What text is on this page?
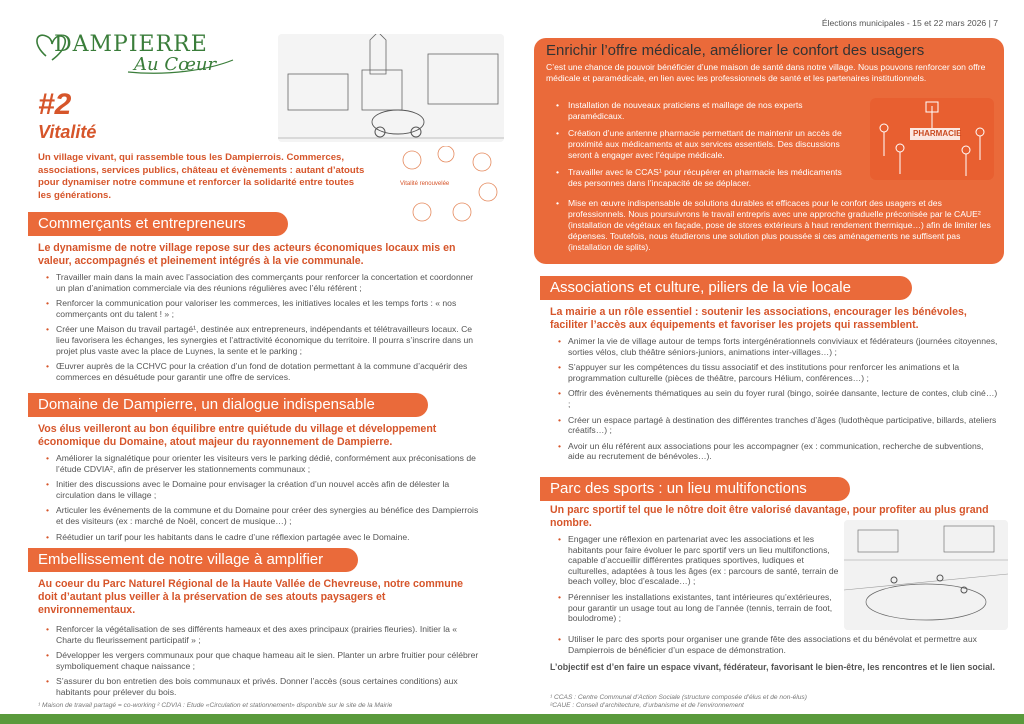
DAMPIERRE
Au Cœur
#2
Vitalité
Un village vivant, qui rassemble tous les Dampierrois. Commerces, associations, services publics, château et évènements : autant d’atouts pour dynamiser notre commune et renforcer la solidarité entre toutes les générations.
Vitalité renouvelée
Commerçants et entrepreneurs
Le dynamisme de notre village repose sur des acteurs économiques locaux mis en valeur, accompagnés et pleinement intégrés à la vie communale.
• Travailler main dans la main avec l’association des commerçants pour renforcer la concertation et coordonner un plan d’animation commerciale via des réunions régulières avec l’élu référent ;
• Renforcer la communication pour valoriser les commerces, les initiatives locales et les temps forts : « nos commerçants ont du talent ! » ;
• Créer une Maison du travail partagé¹, destinée aux entrepreneurs, indépendants et télétravailleurs locaux. Ce lieu favorisera les échanges, les synergies et l’attractivité économique du territoire. Il pourra s’inscrire dans un projet plus vaste avec la place de Luynes, la sente et le parking ;
• Œuvrer auprès de la CCHVC pour la création d’un fond de dotation permettant à la commune d’acquérir des commerces en désuétude pour garantir une offre de services.
Domaine de Dampierre, un dialogue indispensable
Vos élus veilleront au bon équilibre entre quiétude du village et développement économique du Domaine, atout majeur du rayonnement de Dampierre.
• Améliorer la signalétique pour orienter les visiteurs vers le parking dédié, conformément aux préconisations de l’étude CDVIA², afin de préserver les stationnements communaux ;
• Initier des discussions avec le Domaine pour envisager la création d’un nouvel accès afin de délester la circulation dans le village ;
• Articuler les événements de la commune et du Domaine pour créer des synergies au bénéfice des Dampierrois et des visiteurs (ex : marché de Noël, concert de musique…) ;
• Réétudier un tarif pour les habitants dans le cadre d’une réflexion partagée avec le Domaine.
Embellissement de notre village à amplifier
Au coeur du Parc Naturel Régional de la Haute Vallée de Chevreuse, notre commune doit d’autant plus veiller à la préservation de ses atouts paysagers et environnementaux.
• Renforcer la végétalisation de ses différents hameaux et des axes principaux (prairies fleuries). Initier la « Charte du fleurissement participatif » ;
• Développer les vergers communaux pour que chaque hameau ait le sien. Planter un arbre fruitier pour célébrer symboliquement chaque naissance ;
• S’assurer du bon entretien des bois communaux et privés. Donner l’accès (sous certaines conditions) aux habitants pour prélever du bois.
¹ Maison de travail partagé = co-working ² CDVIA : Etude «Circulation et stationnement» disponible sur le site de la Mairie
Élections municipales - 15 et 22 mars 2026 | 7
Enrichir l’offre médicale, améliorer le confort des usagers
C’est une chance de pouvoir bénéficier d’une maison de santé dans notre village. Nous pouvons renforcer son offre médicale et paramédicale, en lien avec les professionnels de santé et les partenaires institutionnels.
• Installation de nouveaux praticiens et maillage de nos experts paramédicaux.
• Création d’une antenne pharmacie permettant de maintenir un accès de proximité aux médicaments et aux services essentiels. Des discussions seront à engager avec l’équipe médicale.
• Travailler avec le CCAS¹ pour récupérer en pharmacie les médicaments des personnes dans l’incapacité de se déplacer.
• Mise en œuvre indispensable de solutions durables et efficaces pour le confort des usagers et des professionnels. Nous poursuivrons le travail entrepris avec une approche graduelle préconisée par le CAUE² (installation de végétaux en façade, pose de stores extérieurs à haut rendement thermique…) afin de limiter les dépenses. Toutefois, nous étudierons une solution plus poussée si ces aménagements ne suffisent pas (installation de splits).
PHARMACIE
Associations et culture, piliers de la vie locale
La mairie a un rôle essentiel : soutenir les associations, encourager les bénévoles, faciliter l’accès aux équipements et favoriser les projets qui rassemblent.
• Animer la vie de village autour de temps forts intergénérationnels conviviaux et fédérateurs (journées citoyennes, sorties vélos, club théâtre séniors-juniors, animations inter-villages…) ;
• S’appuyer sur les compétences du tissu associatif et des institutions pour renforcer les animations et la programmation culturelle (pièces de théâtre, parcours Hélium, conférences…) ;
• Offrir des évènements thématiques au sein du foyer rural (bingo, soirée dansante, lecture de contes, club ciné…) ;
• Créer un espace partagé à destination des différentes tranches d’âges (ludothèque participative, billards, ateliers créatifs…) ;
• Avoir un élu référent aux associations pour les accompagner (ex : communication, recherche de subventions, aide au recrutement de bénévoles…).
Parc des sports : un lieu multifonctions
Un parc sportif tel que le nôtre doit être valorisé davantage, pour profiter au plus grand nombre.
• Engager une réflexion en partenariat avec les associations et les habitants pour faire évoluer le parc sportif vers un lieu multifonctions, capable d’accueillir différentes pratiques sportives, ludiques et culturelles, adaptées à tous les âges (ex : parcours de santé, terrain de beach volley, bloc d’escalade…) ;
• Pérenniser les installations existantes, tant intérieures qu’extérieures, pour garantir un usage tout au long de l’année (tennis, terrain de foot, boulodrome) ;
• Utiliser le parc des sports pour organiser une grande fête des associations et du bénévolat et permettre aux Dampierrois de bénéficier d’un espace de démonstration.
L’objectif est d’en faire un espace vivant, fédérateur, favorisant le bien-être, les rencontres et le lien social.
¹ CCAS : Centre Communal d’Action Sociale (structure composée d’élus et de non-élus)
²CAUE : Conseil d’architecture, d’urbanisme et de l’environnement
